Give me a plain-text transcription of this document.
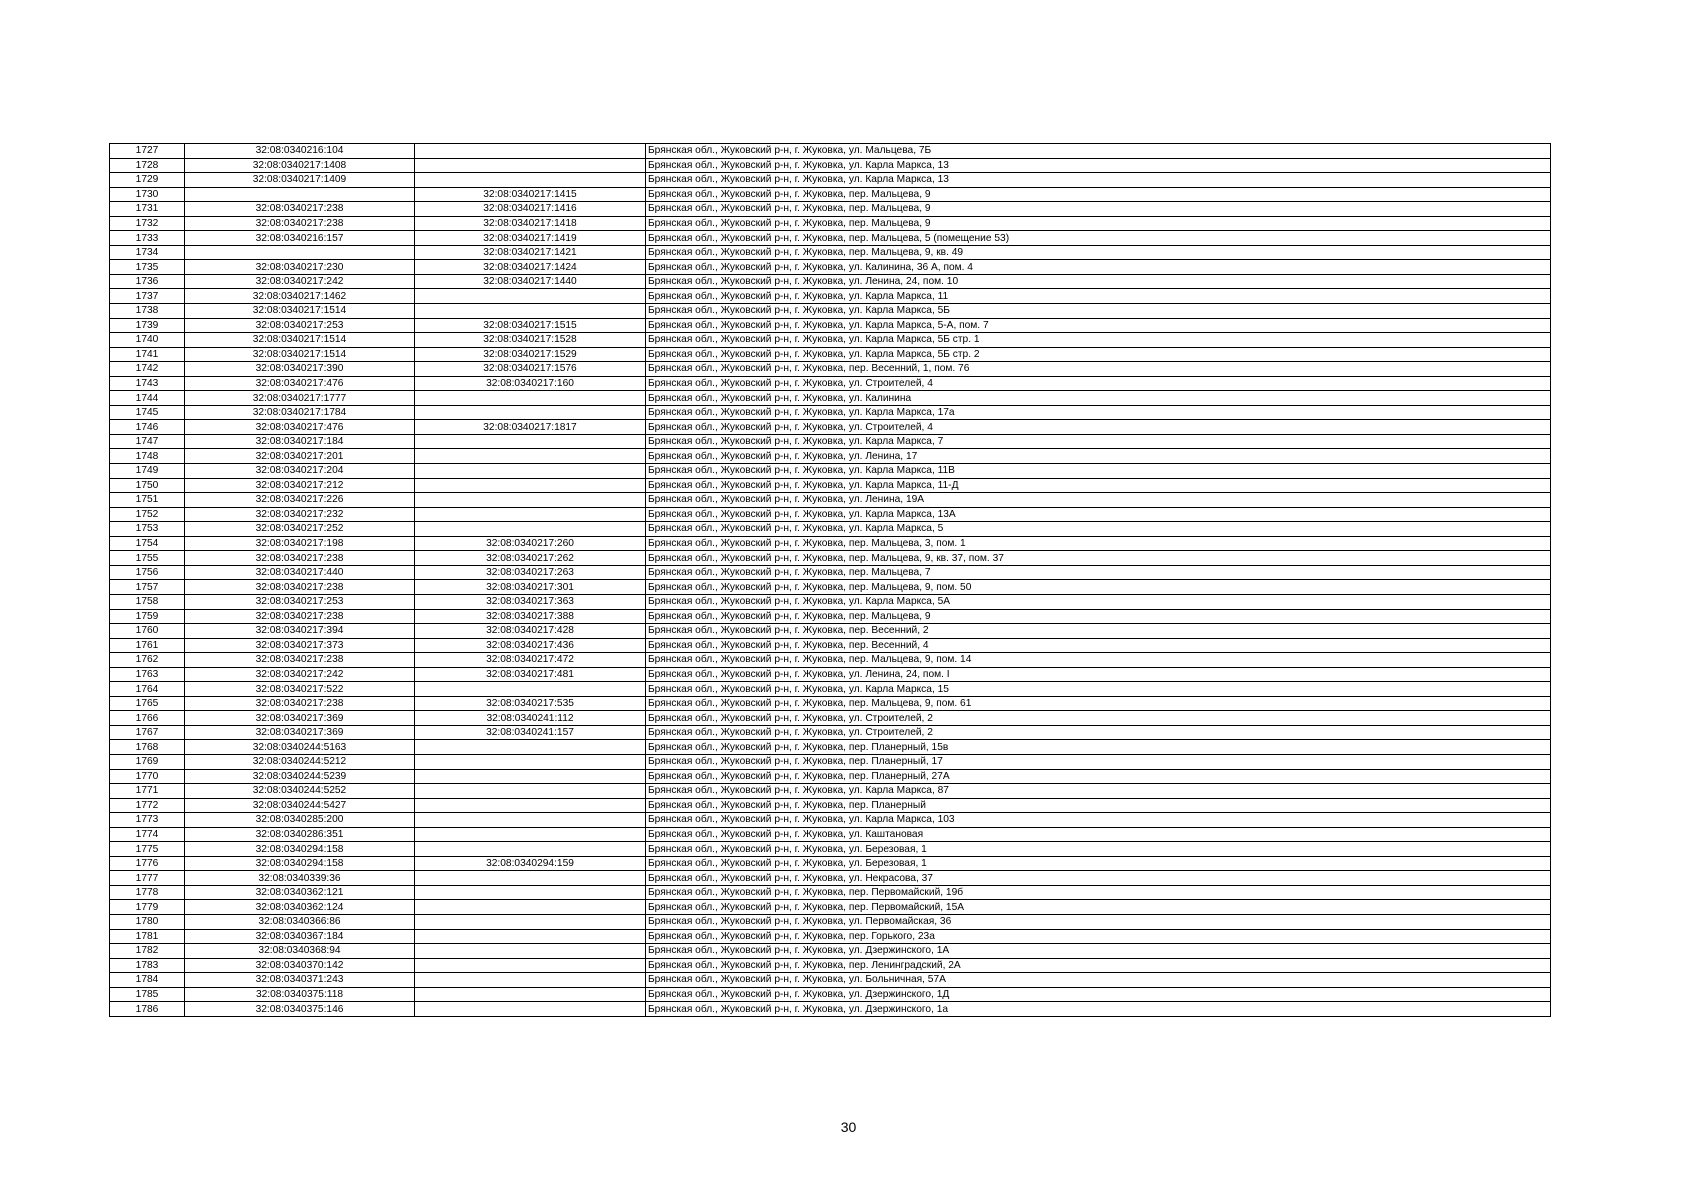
1727	32:08:0340216:104		Брянская обл., Жуковский р-н, г. Жуковка, ул. Мальцева, 7Б
1728	32:08:0340217:1408		Брянская обл., Жуковский р-н, г. Жуковка, ул. Карла Маркса, 13
1729	32:08:0340217:1409		Брянская обл., Жуковский р-н, г. Жуковка, ул. Карла Маркса, 13
1730		32:08:0340217:1415	Брянская обл., Жуковский р-н, г. Жуковка, пер. Мальцева, 9
1731	32:08:0340217:238	32:08:0340217:1416	Брянская обл., Жуковский р-н, г. Жуковка, пер. Мальцева, 9
1732	32:08:0340217:238	32:08:0340217:1418	Брянская обл., Жуковский р-н, г. Жуковка, пер. Мальцева, 9
1733	32:08:0340216:157	32:08:0340217:1419	Брянская обл., Жуковский р-н, г. Жуковка, пер. Мальцева, 5 (помещение 53)
1734		32:08:0340217:1421	Брянская обл., Жуковский р-н, г. Жуковка, пер. Мальцева, 9, кв. 49
1735	32:08:0340217:230	32:08:0340217:1424	Брянская обл., Жуковский р-н, г. Жуковка, ул. Калинина, 36 А, пом. 4
1736	32:08:0340217:242	32:08:0340217:1440	Брянская обл., Жуковский р-н, г. Жуковка, ул. Ленина, 24, пом. 10
1737	32:08:0340217:1462		Брянская обл., Жуковский р-н, г. Жуковка, ул. Карла Маркса, 11
1738	32:08:0340217:1514		Брянская обл., Жуковский р-н, г. Жуковка, ул. Карла Маркса, 5Б
1739	32:08:0340217:253	32:08:0340217:1515	Брянская обл., Жуковский р-н, г. Жуковка, ул. Карла Маркса, 5-А, пом. 7
1740	32:08:0340217:1514	32:08:0340217:1528	Брянская обл., Жуковский р-н, г. Жуковка, ул. Карла Маркса, 5Б стр. 1
1741	32:08:0340217:1514	32:08:0340217:1529	Брянская обл., Жуковский р-н, г. Жуковка, ул. Карла Маркса, 5Б стр. 2
1742	32:08:0340217:390	32:08:0340217:1576	Брянская обл., Жуковский р-н, г. Жуковка, пер. Весенний, 1, пом. 76
1743	32:08:0340217:476	32:08:0340217:160	Брянская обл., Жуковский р-н, г. Жуковка, ул. Строителей, 4
1744	32:08:0340217:1777		Брянская обл., Жуковский р-н, г. Жуковка, ул. Калинина
1745	32:08:0340217:1784		Брянская обл., Жуковский р-н, г. Жуковка, ул. Карла Маркса, 17а
1746	32:08:0340217:476	32:08:0340217:1817	Брянская обл., Жуковский р-н, г. Жуковка, ул. Строителей, 4
1747	32:08:0340217:184		Брянская обл., Жуковский р-н, г. Жуковка, ул. Карла Маркса, 7
1748	32:08:0340217:201		Брянская обл., Жуковский р-н, г. Жуковка, ул. Ленина, 17
1749	32:08:0340217:204		Брянская обл., Жуковский р-н, г. Жуковка, ул. Карла Маркса, 11В
1750	32:08:0340217:212		Брянская обл., Жуковский р-н, г. Жуковка, ул. Карла Маркса, 11-Д
1751	32:08:0340217:226		Брянская обл., Жуковский р-н, г. Жуковка, ул. Ленина, 19А
1752	32:08:0340217:232		Брянская обл., Жуковский р-н, г. Жуковка, ул. Карла Маркса, 13А
1753	32:08:0340217:252		Брянская обл., Жуковский р-н, г. Жуковка, ул. Карла Маркса, 5
1754	32:08:0340217:198	32:08:0340217:260	Брянская обл., Жуковский р-н, г. Жуковка, пер. Мальцева, 3, пом. 1
1755	32:08:0340217:238	32:08:0340217:262	Брянская обл., Жуковский р-н, г. Жуковка, пер. Мальцева, 9, кв. 37, пом. 37
1756	32:08:0340217:440	32:08:0340217:263	Брянская обл., Жуковский р-н, г. Жуковка, пер. Мальцева, 7
1757	32:08:0340217:238	32:08:0340217:301	Брянская обл., Жуковский р-н, г. Жуковка, пер. Мальцева, 9, пом. 50
1758	32:08:0340217:253	32:08:0340217:363	Брянская обл., Жуковский р-н, г. Жуковка, ул. Карла Маркса, 5А
1759	32:08:0340217:238	32:08:0340217:388	Брянская обл., Жуковский р-н, г. Жуковка, пер. Мальцева, 9
1760	32:08:0340217:394	32:08:0340217:428	Брянская обл., Жуковский р-н, г. Жуковка, пер. Весенний, 2
1761	32:08:0340217:373	32:08:0340217:436	Брянская обл., Жуковский р-н, г. Жуковка, пер. Весенний, 4
1762	32:08:0340217:238	32:08:0340217:472	Брянская обл., Жуковский р-н, г. Жуковка, пер. Мальцева, 9, пом. 14
1763	32:08:0340217:242	32:08:0340217:481	Брянская обл., Жуковский р-н, г. Жуковка, ул. Ленина, 24, пом. I
1764	32:08:0340217:522		Брянская обл., Жуковский р-н, г. Жуковка, ул. Карла Маркса, 15
1765	32:08:0340217:238	32:08:0340217:535	Брянская обл., Жуковский р-н, г. Жуковка, пер. Мальцева, 9, пом. 61
1766	32:08:0340217:369	32:08:0340241:112	Брянская обл., Жуковский р-н, г. Жуковка, ул. Строителей, 2
1767	32:08:0340217:369	32:08:0340241:157	Брянская обл., Жуковский р-н, г. Жуковка, ул. Строителей, 2
1768	32:08:0340244:5163		Брянская обл., Жуковский р-н, г. Жуковка, пер. Планерный, 15в
1769	32:08:0340244:5212		Брянская обл., Жуковский р-н, г. Жуковка, пер. Планерный, 17
1770	32:08:0340244:5239		Брянская обл., Жуковский р-н, г. Жуковка, пер. Планерный, 27А
1771	32:08:0340244:5252		Брянская обл., Жуковский р-н, г. Жуковка, ул. Карла Маркса, 87
1772	32:08:0340244:5427		Брянская обл., Жуковский р-н, г. Жуковка, пер. Планерный
1773	32:08:0340285:200		Брянская обл., Жуковский р-н, г. Жуковка, ул. Карла Маркса, 103
1774	32:08:0340286:351		Брянская обл., Жуковский р-н, г. Жуковка, ул. Каштановая
1775	32:08:0340294:158		Брянская обл., Жуковский р-н, г. Жуковка, ул. Березовая, 1
1776	32:08:0340294:158	32:08:0340294:159	Брянская обл., Жуковский р-н, г. Жуковка, ул. Березовая, 1
1777	32:08:0340339:36		Брянская обл., Жуковский р-н, г. Жуковка, ул. Некрасова, 37
1778	32:08:0340362:121		Брянская обл., Жуковский р-н, г. Жуковка, пер. Первомайский, 19б
1779	32:08:0340362:124		Брянская обл., Жуковский р-н, г. Жуковка, пер. Первомайский, 15А
1780	32:08:0340366:86		Брянская обл., Жуковский р-н, г. Жуковка, ул. Первомайская, 36
1781	32:08:0340367:184		Брянская обл., Жуковский р-н, г. Жуковка, пер. Горького, 23а
1782	32:08:0340368:94		Брянская обл., Жуковский р-н, г. Жуковка, ул. Дзержинского, 1А
1783	32:08:0340370:142		Брянская обл., Жуковский р-н, г. Жуковка, пер. Ленинградский, 2А
1784	32:08:0340371:243		Брянская обл., Жуковский р-н, г. Жуковка, ул. Больничная, 57А
1785	32:08:0340375:118		Брянская обл., Жуковский р-н, г. Жуковка, ул. Дзержинского, 1Д
1786	32:08:0340375:146		Брянская обл., Жуковский р-н, г. Жуковка, ул. Дзержинского, 1а
30
